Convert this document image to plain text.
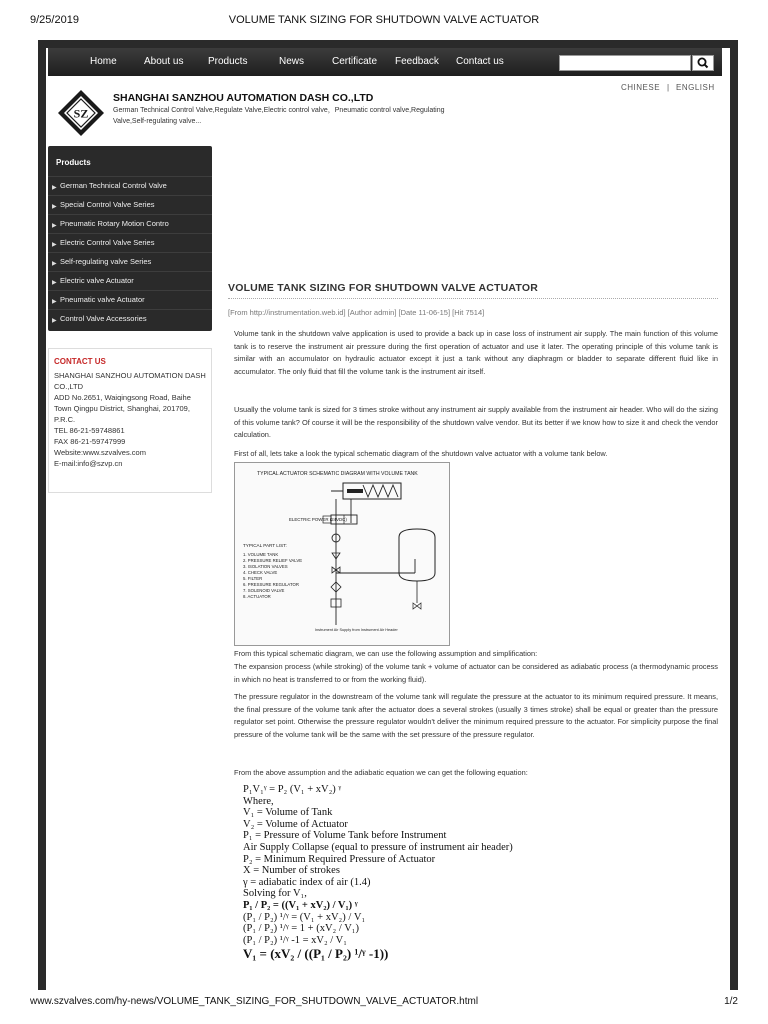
9/25/2019	VOLUME TANK SIZING FOR SHUTDOWN VALVE ACTUATOR
Home	About us Products	News	Certificate Feedback Contact us
CHINESE | ENGLISH
SZ
SHANGHAI SANZHOU AUTOMATION DASH CO.,LTD
German Technical Control Valve,Regulate Valve,Electric control valve，Pneumatic control valve,Regulating Valve,Self-regulating valve...
Products
▶ German Technical Control Valve
▶ Special Control Valve Series
▶ Pneumatic Rotary Motion Contro
▶ Electric Control Valve Series
▶ Self-regulating valve Series
▶ Electric valve Actuator
▶ Pneumatic valve Actuator
▶ Control Valve Accessories
CONTACT US
SHANGHAI SANZHOU AUTOMATION DASH CO.,LTD
ADD No.2651, Waiqingsong Road, Baihe Town Qingpu District, Shanghai, 201709, P.R.C.
TEL 86-21-59748861
FAX 86-21-59747999
Website:www.szvalves.com
E-mail:info@szvp.cn
VOLUME TANK SIZING FOR SHUTDOWN VALVE ACTUATOR
[From http://instrumentation.web.id] [Author admin] [Date 11-06-15] [Hit 7514]
Volume tank in the shutdown valve application is used to provide a back up in case loss of instrument air supply. The main function of this volume tank is to reserve the instrument air pressure during the first operation of actuator and use it later. The operating principle of this volume tank is similar with an accumulator on hydraulic actuator except it just a tank without any diaphragm or bladder to separate different fluid like in accumulator. The only fluid that fill the volume tank is the instrument air itself.
Usually the volume tank is sized for 3 times stroke without any instrument air supply available from the instrument air header. Who will do the sizing of this volume tank? Of course it will be the responsibility of the shutdown valve vendor. But its better if we know how to size it and check the vendor calculation.
First of all, lets take a look the typical schematic diagram of the shutdown valve actuator with a volume tank below.
TYPICAL ACTUATOR SCHEMATIC DIAGRAM WITH VOLUME TANK
ELECTRIC POWER (24VDC)
Instrument Air Supply from Instrument Air Header
TYPICAL PART LIST:
1. VOLUME TANK
2. PRESSURE RELIEF VALVE
3. ISOLATION VALVES
4. CHECK VALVE
5. FILTER
6. PRESSURE REGULATOR
7. SOLENOID VALVE
8. ACTUATOR
From this typical schematic diagram, we can use the following assumption and simplification:
The expansion process (while stroking) of the volume tank + volume of actuator can be considered as adiabatic process (a thermodynamic process in which no heat is transferred to or from the working fluid).
The pressure regulator in the downstream of the volume tank will regulate the pressure at the actuator to its minimum required pressure. It means, the final pressure of the volume tank after the actuator does a several strokes (usually 3 times stroke) shall be equal or greater than the pressure regulator set point. Otherwise the pressure regulator wouldn't deliver the minimum required pressure to the actuator. For simplicity purpose the final pressure of the volume tank will be the same with the set pressure of the pressure regulator.
From the above assumption and the adiabatic equation we can get the following equation:
P₁V₁ᵞ = P₂ (V₁ + xV₂) ᵞ
Where,
V₁ = Volume of Tank
V₂ = Volume of Actuator
P₁ = Pressure of Volume Tank before Instrument
Air Supply Collapse (equal to pressure of instrument air header)
P₂ = Minimum Required Pressure of Actuator
X = Number of strokes
γ = adiabatic index of air (1.4)
Solving for V₁,
P₁ / P₂ = ((V₁ + xV₂) / V₁) ᵞ
(P₁ / P₂) ¹/ᵞ = (V₁ + xV₂) / V₁
(P₁ / P₂) ¹/ᵞ = 1 + (xV₂ / V₁)
(P₁ / P₂) ¹/ᵞ -1 = xV₂ / V₁
V₁ = (xV₂ / ((P₁ / P₂) ¹/ᵞ -1))
www.szvalves.com/hy-news/VOLUME_TANK_SIZING_FOR_SHUTDOWN_VALVE_ACTUATOR.html	1/2
